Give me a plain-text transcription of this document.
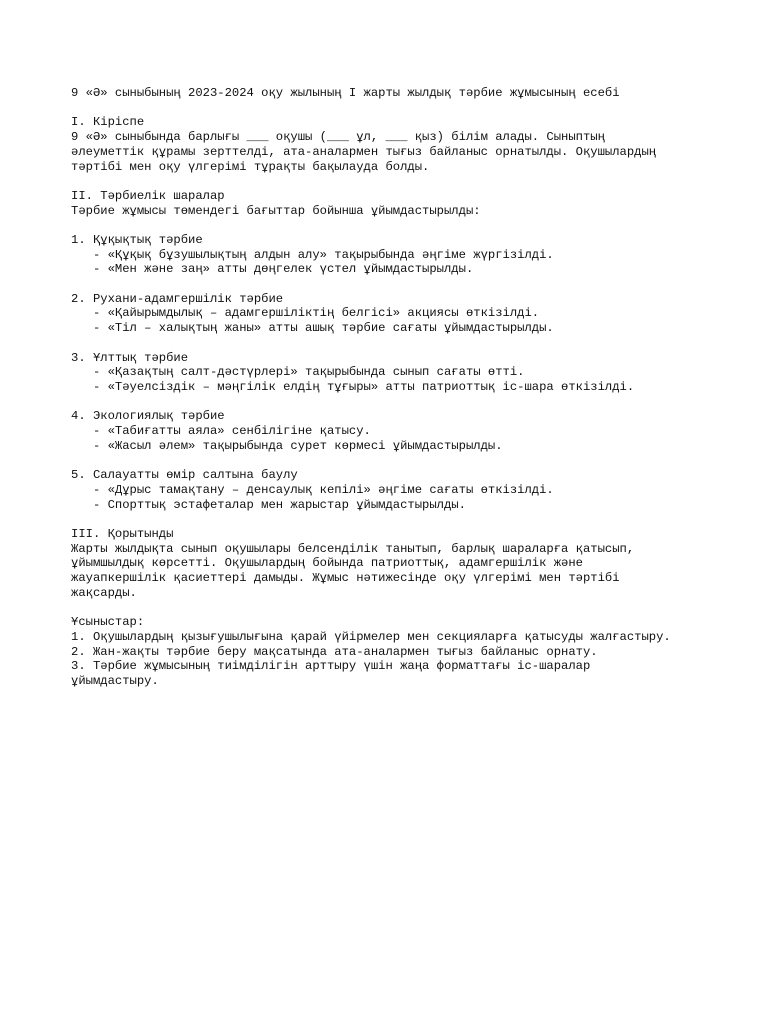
9 «Ә» сыныбының 2023-2024 оқу жылының I жарты жылдық тәрбие жұмысының есебі
I. Кіріспе
9 «Ә» сыныбында барлығы ___ оқушы (___ ұл, ___ қыз) білім алады. Сыныптың
әлеуметтік құрамы зерттелді, ата-аналармен тығыз байланыс орнатылды. Оқушылардың
тәртібі мен оқу үлгерімі тұрақты бақылауда болды.
II. Тәрбиелік шаралар
Тәрбие жұмысы төмендегі бағыттар бойынша ұйымдастырылды:
1. Құқықтық тәрбие
- «Құқық бұзушылықтың алдын алу» тақырыбында әңгіме жүргізілді.
- «Мен және заң» атты дөңгелек үстел ұйымдастырылды.
2. Рухани-адамгершілік тәрбие
- «Қайырымдылық – адамгершіліктің белгісі» акциясы өткізілді.
- «Тіл – халықтың жаны» атты ашық тәрбие сағаты ұйымдастырылды.
3. Ұлттық тәрбие
- «Қазақтың салт-дәстүрлері» тақырыбында сынып сағаты өтті.
- «Тәуелсіздік – мәңгілік елдің тұғыры» атты патриоттық іс-шара өткізілді.
4. Экологиялық тәрбие
- «Табиғатты аяла» сенбілігіне қатысу.
- «Жасыл әлем» тақырыбында сурет көрмесі ұйымдастырылды.
5. Салауатты өмір салтына баулу
- «Дұрыс тамақтану – денсаулық кепілі» әңгіме сағаты өткізілді.
- Спорттық эстафеталар мен жарыстар ұйымдастырылды.
III. Қорытынды
Жарты жылдықта сынып оқушылары белсенділік танытып, барлық шараларға қатысып,
ұйымшылдық көрсетті. Оқушылардың бойында патриоттық, адамгершілік және
жауапкершілік қасиеттері дамыды. Жұмыс нәтижесінде оқу үлгерімі мен тәртібі
жақсарды.
Ұсыныстар:
1. Оқушылардың қызығушылығына қарай үйірмелер мен секцияларға қатысуды жалғастыру.
2. Жан-жақты тәрбие беру мақсатында ата-аналармен тығыз байланыс орнату.
3. Тәрбие жұмысының тиімділігін арттыру үшін жаңа форматтағы іс-шаралар
ұйымдастыру.
